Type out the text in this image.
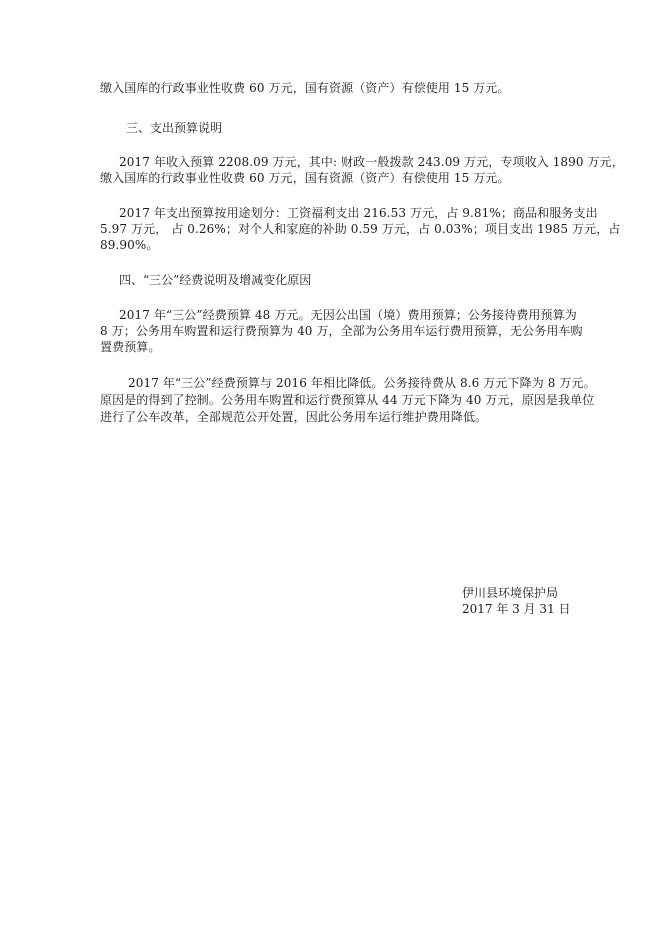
缴入国库的行政事业性收费 60 万元，国有资源（资产）有偿使用 15 万元。
三、支出预算说明
2017 年收入预算 2208.09 万元，其中: 财政一般拨款 243.09 万元，专项收入 1890 万元，
缴入国库的行政事业性收费 60 万元，国有资源（资产）有偿使用 15 万元。
2017 年支出预算按用途划分：工资福利支出 216.53 万元，占 9.81%；商品和服务支出
5.97 万元， 占 0.26%；对个人和家庭的补助 0.59 万元，占 0.03%；项目支出 1985 万元，占
89.90%。
四、“三公”经费说明及增减变化原因
2017 年“三公”经费预算 48 万元。无因公出国（境）费用预算；公务接待费用预算为
8 万；公务用车购置和运行费预算为 40 万，全部为公务用车运行费用预算，无公务用车购
置费预算。
2017 年“三公”经费预算与 2016 年相比降低。公务接待费从 8.6 万元下降为 8 万元。
原因是的得到了控制。公务用车购置和运行费预算从 44 万元下降为 40 万元，原因是我单位
进行了公车改革，全部规范公开处置，因此公务用车运行维护费用降低。
伊川县环境保护局
2017 年 3 月 31 日
